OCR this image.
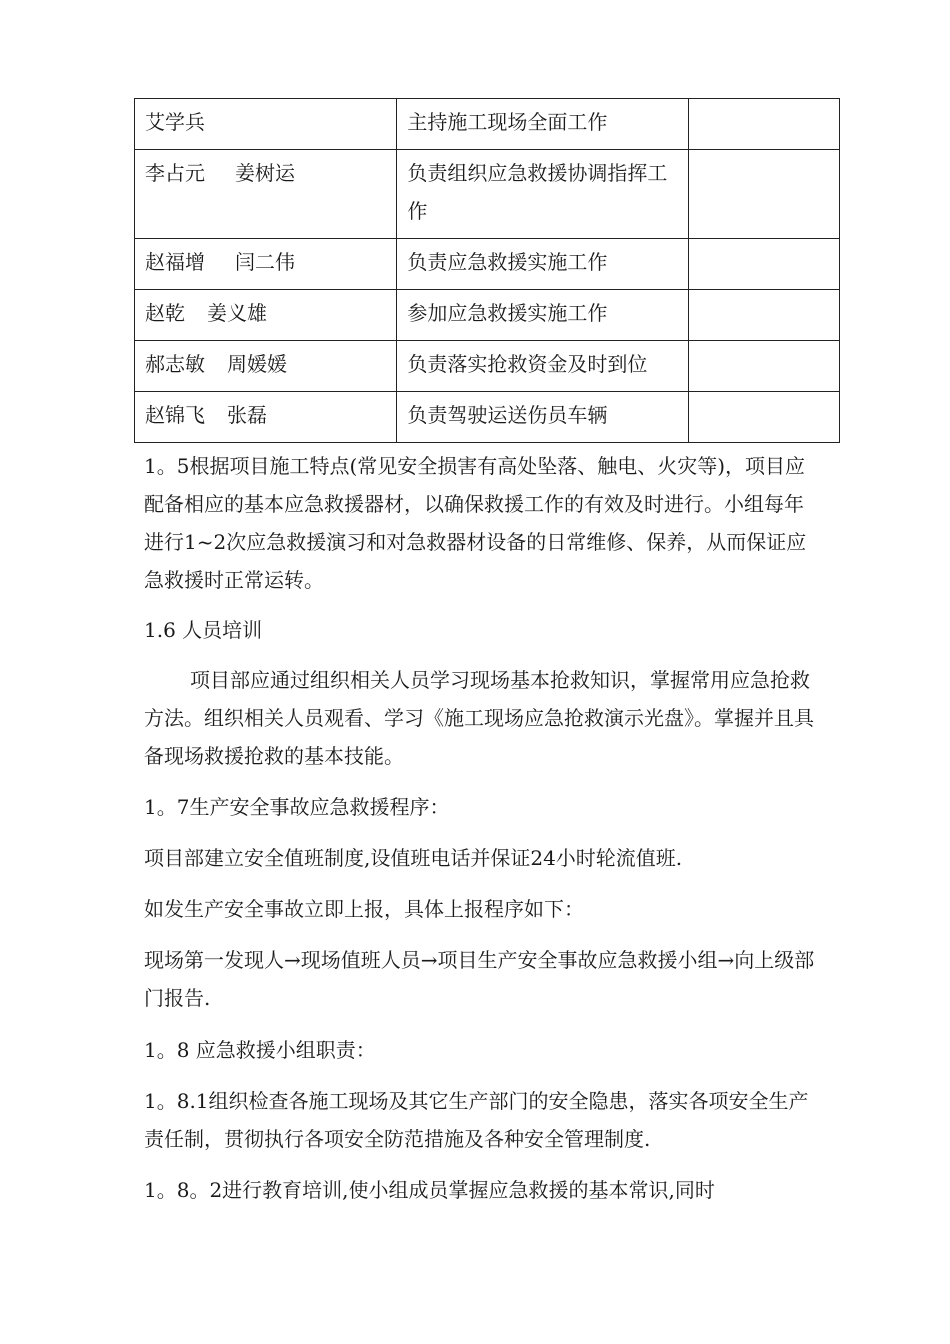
艾学兵	主持施工现场全面工作	
李占元 姜树运	负责组织应急救援协调指挥工作	
赵福增 闫二伟	负责应急救援实施工作	
赵乾 姜义雄	参加应急救援实施工作	
郝志敏 周媛媛	负责落实抢救资金及时到位	
赵锦飞 张磊	负责驾驶运送伤员车辆	

1。5根据项目施工特点(常见安全损害有高处坠落、触电、火灾等)，项目应配备相应的基本应急救援器材，以确保救援工作的有效及时进行。小组每年进行1~2次应急救援演习和对急救器材设备的日常维修、保养，从而保证应急救援时正常运转。

1.6 人员培训

项目部应通过组织相关人员学习现场基本抢救知识，掌握常用应急抢救方法。组织相关人员观看、学习《施工现场应急抢救演示光盘》。掌握并且具备现场救援抢救的基本技能。

1。7生产安全事故应急救援程序：

项目部建立安全值班制度,设值班电话并保证24小时轮流值班.

如发生产安全事故立即上报，具体上报程序如下：

现场第一发现人→现场值班人员→项目生产安全事故应急救援小组→向上级部门报告.

1。8 应急救援小组职责：

1。8.1组织检查各施工现场及其它生产部门的安全隐患，落实各项安全生产责任制，贯彻执行各项安全防范措施及各种安全管理制度.

1。8。2进行教育培训,使小组成员掌握应急救援的基本常识,同时
